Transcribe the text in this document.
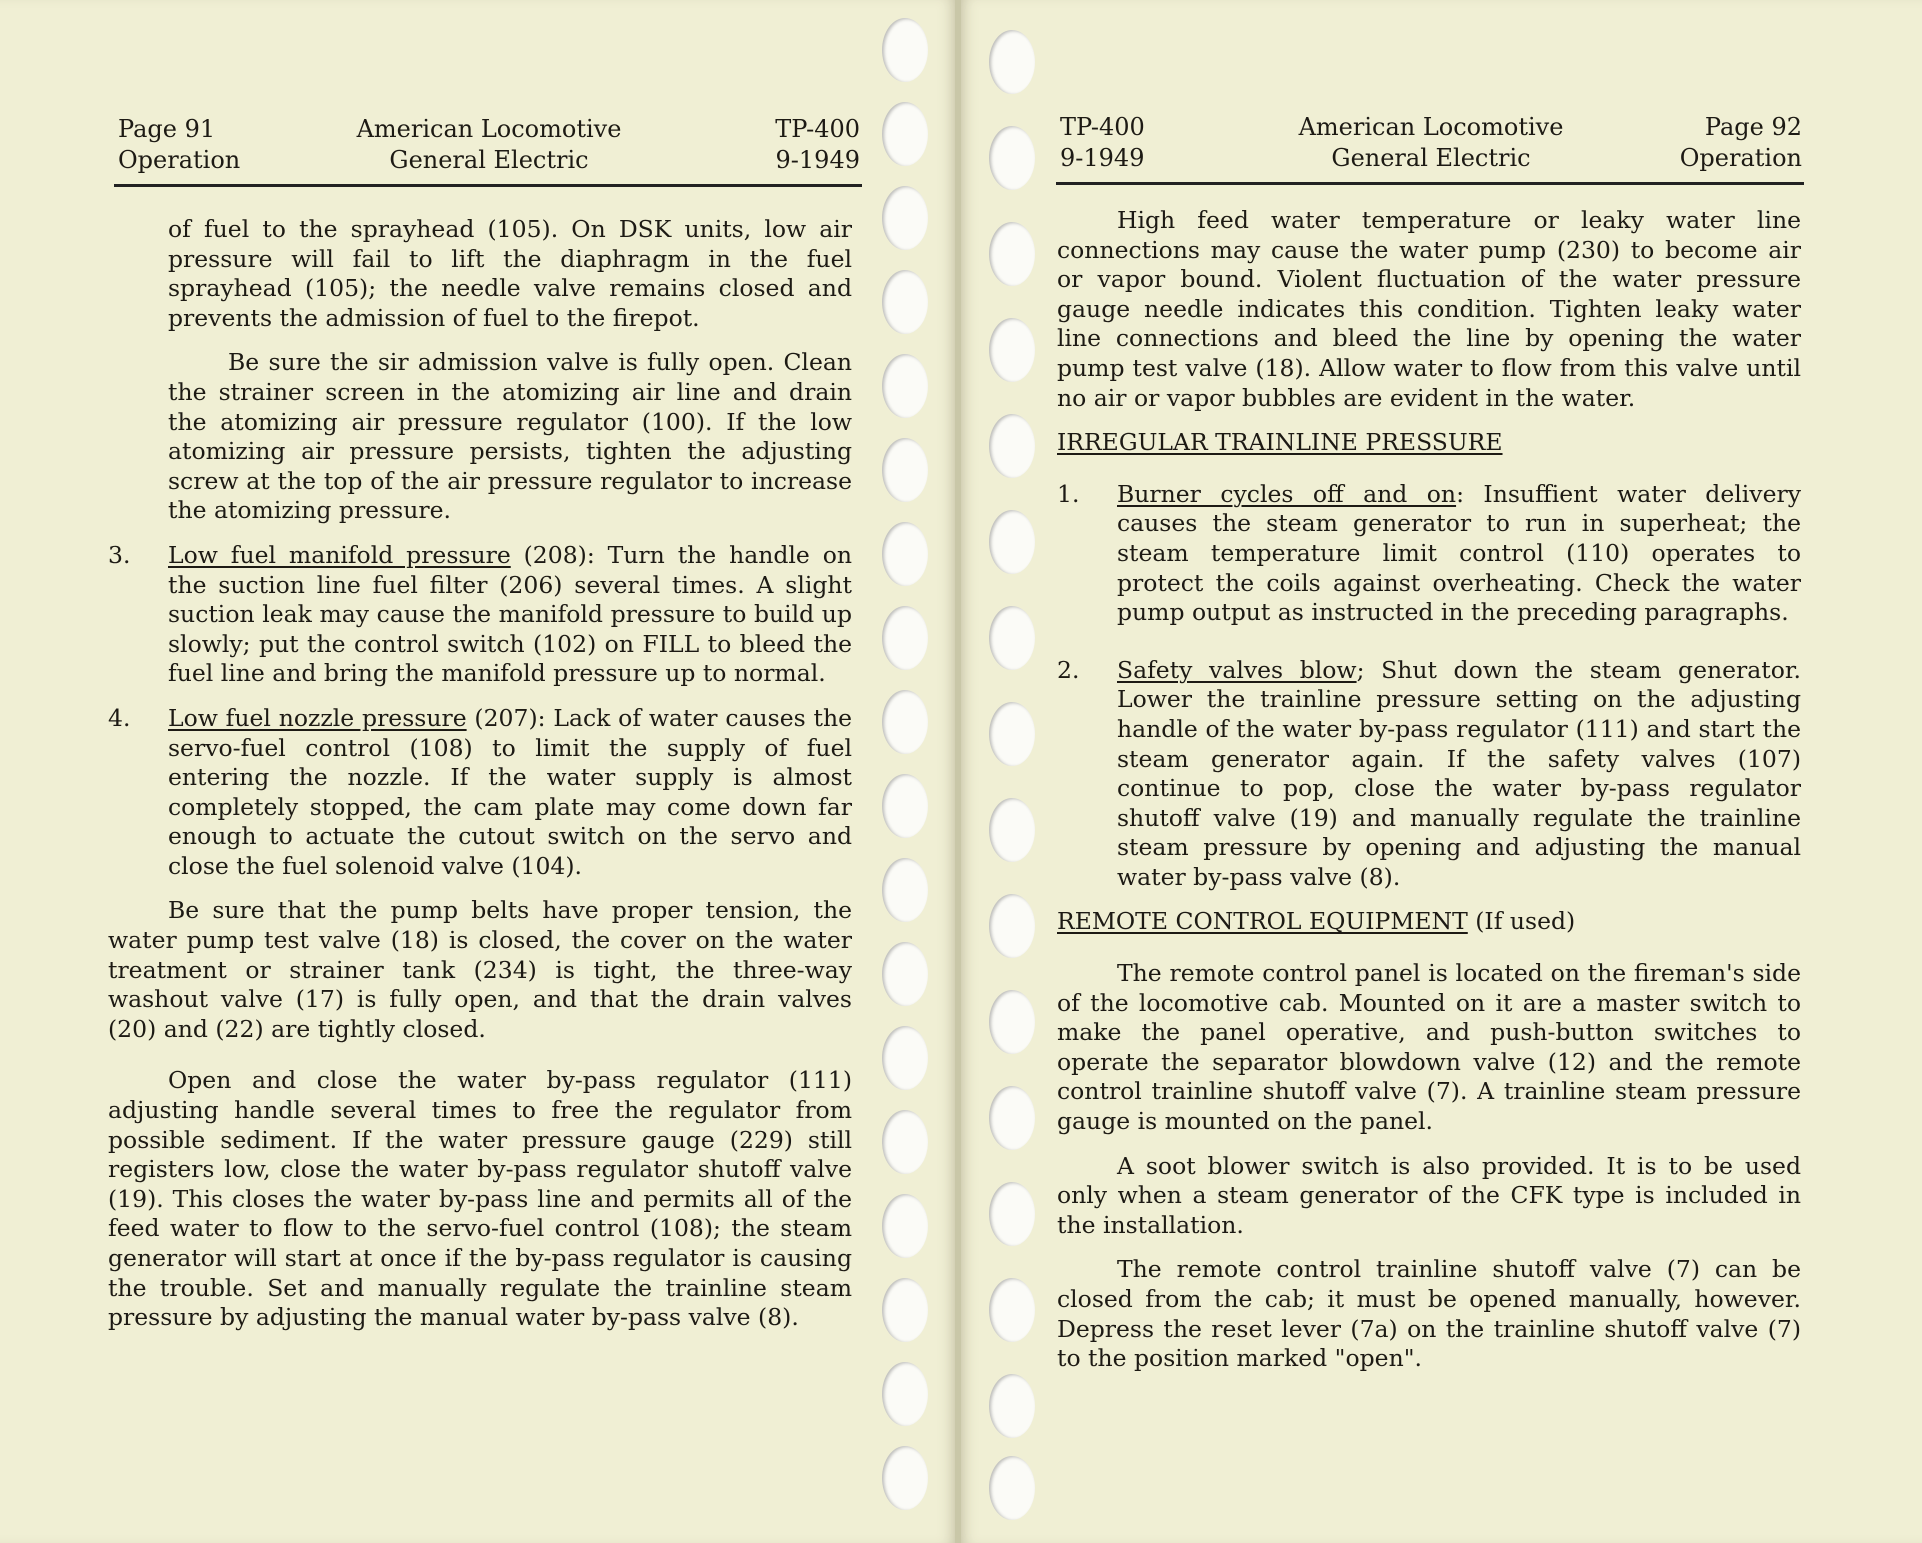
Page 91
Operation
American Locomotive
General Electric
TP-400
9-1949

of fuel to the sprayhead (105). On DSK units, low air pressure will fail to lift the diaphragm in the fuel sprayhead (105); the needle valve remains closed and prevents the admission of fuel to the firepot.

Be sure the sir admission valve is fully open. Clean the strainer screen in the atomizing air line and drain the atomizing air pressure regulator (100). If the low atomizing air pressure persists, tighten the adjusting screw at the top of the air pressure regulator to increase the atomizing pressure.

3. Low fuel manifold pressure (208): Turn the handle on the suction line fuel filter (206) several times. A slight suction leak may cause the manifold pressure to build up slowly; put the control switch (102) on FILL to bleed the fuel line and bring the manifold pressure up to normal.

4. Low fuel nozzle pressure (207): Lack of water causes the servo-fuel control (108) to limit the supply of fuel entering the nozzle. If the water supply is almost completely stopped, the cam plate may come down far enough to actuate the cutout switch on the servo and close the fuel solenoid valve (104).

Be sure that the pump belts have proper tension, the water pump test valve (18) is closed, the cover on the water treatment or strainer tank (234) is tight, the three-way washout valve (17) is fully open, and that the drain valves (20) and (22) are tightly closed.

Open and close the water by-pass regulator (111) adjusting handle several times to free the regulator from possible sediment. If the water pressure gauge (229) still registers low, close the water by-pass regulator shutoff valve (19). This closes the water by-pass line and permits all of the feed water to flow to the servo-fuel control (108); the steam generator will start at once if the by-pass regulator is causing the trouble. Set and manually regulate the trainline steam pressure by adjusting the manual water by-pass valve (8).

TP-400
9-1949
American Locomotive
General Electric
Page 92
Operation

High feed water temperature or leaky water line connections may cause the water pump (230) to become air or vapor bound. Violent fluctuation of the water pressure gauge needle indicates this condition. Tighten leaky water line connections and bleed the line by opening the water pump test valve (18). Allow water to flow from this valve until no air or vapor bubbles are evident in the water.

IRREGULAR TRAINLINE PRESSURE

1. Burner cycles off and on: Insuffient water delivery causes the steam generator to run in superheat; the steam temperature limit control (110) operates to protect the coils against overheating. Check the water pump output as instructed in the preceding paragraphs.

2. Safety valves blow; Shut down the steam generator. Lower the trainline pressure setting on the adjusting handle of the water by-pass regulator (111) and start the steam generator again. If the safety valves (107) continue to pop, close the water by-pass regulator shutoff valve (19) and manually regulate the trainline steam pressure by opening and adjusting the manual water by-pass valve (8).

REMOTE CONTROL EQUIPMENT (If used)

The remote control panel is located on the fireman's side of the locomotive cab. Mounted on it are a master switch to make the panel operative, and push-button switches to operate the separator blowdown valve (12) and the remote control trainline shutoff valve (7). A trainline steam pressure gauge is mounted on the panel.

A soot blower switch is also provided. It is to be used only when a steam generator of the CFK type is included in the installation.

The remote control trainline shutoff valve (7) can be closed from the cab; it must be opened manually, however. Depress the reset lever (7a) on the trainline shutoff valve (7) to the position marked "open".
